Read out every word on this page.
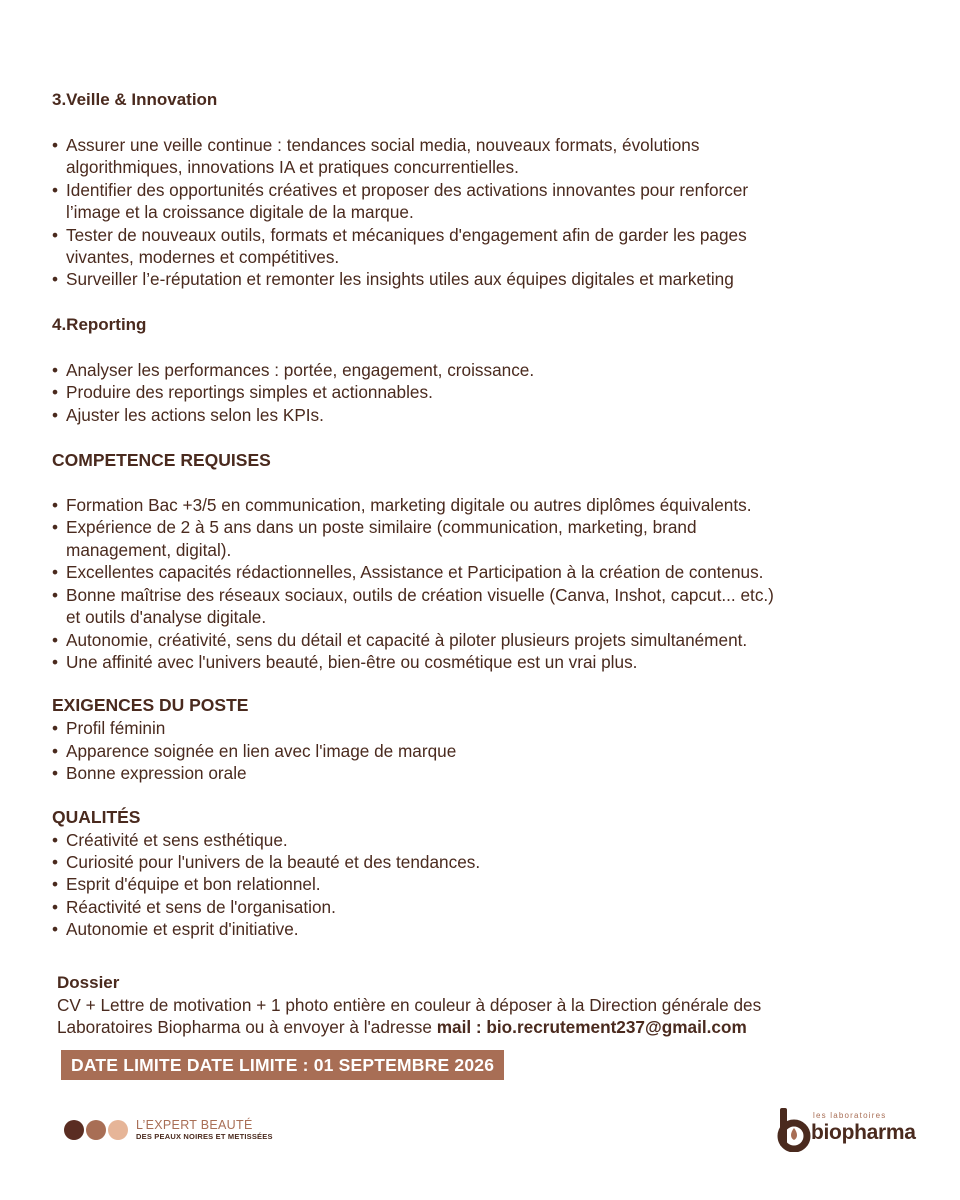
3.Veille & Innovation
• Assurer une veille continue : tendances social media, nouveaux formats, évolutions
algorithmiques, innovations IA et pratiques concurrentielles.
• Identifier des opportunités créatives et proposer des activations innovantes pour renforcer
l’image et la croissance digitale de la marque.
• Tester de nouveaux outils, formats et mécaniques d'engagement afin de garder les pages
vivantes, modernes et compétitives.
• Surveiller l’e-réputation et remonter les insights utiles aux équipes digitales et marketing
4.Reporting
• Analyser les performances : portée, engagement, croissance.
• Produire des reportings simples et actionnables.
• Ajuster les actions selon les KPIs.
COMPETENCE REQUISES
• Formation Bac +3/5 en communication, marketing digitale ou autres diplômes équivalents.
• Expérience de 2 à 5 ans dans un poste similaire (communication, marketing, brand
management, digital).
• Excellentes capacités rédactionnelles, Assistance et Participation à la création de contenus.
• Bonne maîtrise des réseaux sociaux, outils de création visuelle (Canva, Inshot, capcut... etc.)
et outils d'analyse digitale.
• Autonomie, créativité, sens du détail et capacité à piloter plusieurs projets simultanément.
• Une affinité avec l'univers beauté, bien-être ou cosmétique est un vrai plus.
EXIGENCES DU POSTE
• Profil féminin
• Apparence soignée en lien avec l'image de marque
• Bonne expression orale
QUALITÉS
• Créativité et sens esthétique.
• Curiosité pour l'univers de la beauté et des tendances.
• Esprit d'équipe et bon relationnel.
• Réactivité et sens de l'organisation.
• Autonomie et esprit d'initiative.
Dossier
CV + Lettre de motivation + 1 photo entière en couleur à déposer à la Direction générale des
Laboratoires Biopharma ou à envoyer à l'adresse mail : bio.recrutement237@gmail.com
DATE LIMITE DATE LIMITE : 01 SEPTEMBRE 2026
L’EXPERT BEAUTÉ
DES PEAUX NOIRES ET METISSÉES
les laboratoires
biopharma
